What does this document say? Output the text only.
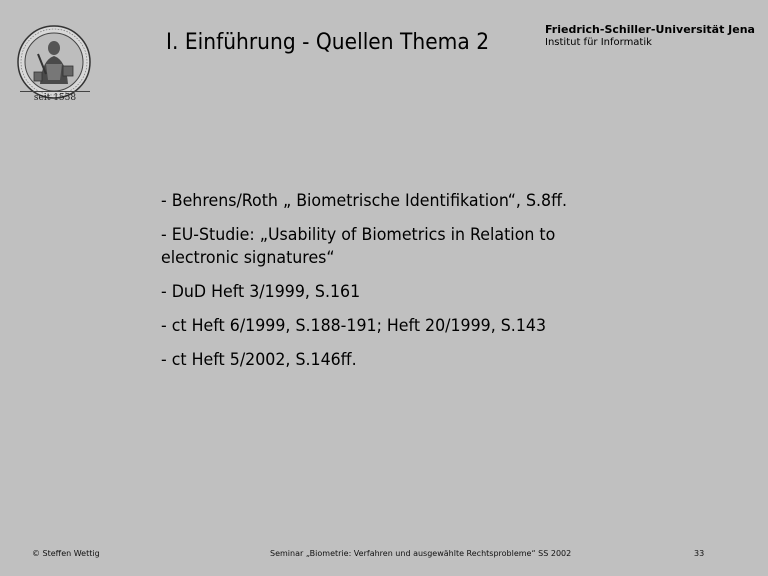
seit 1558
I. Einführung - Quellen Thema 2
Friedrich-Schiller-Universität Jena
Institut für Informatik
- Behrens/Roth „ Biometrische Identifikation“, S.8ff.
- EU-Studie: „Usability of Biometrics in Relation to electronic signatures“
- DuD Heft 3/1999, S.161
- ct Heft 6/1999, S.188-191; Heft 20/1999, S.143
- ct Heft 5/2002, S.146ff.
© Steffen Wettig	Seminar „Biometrie: Verfahren und ausgewählte Rechtsprobleme“ SS 2002	33
